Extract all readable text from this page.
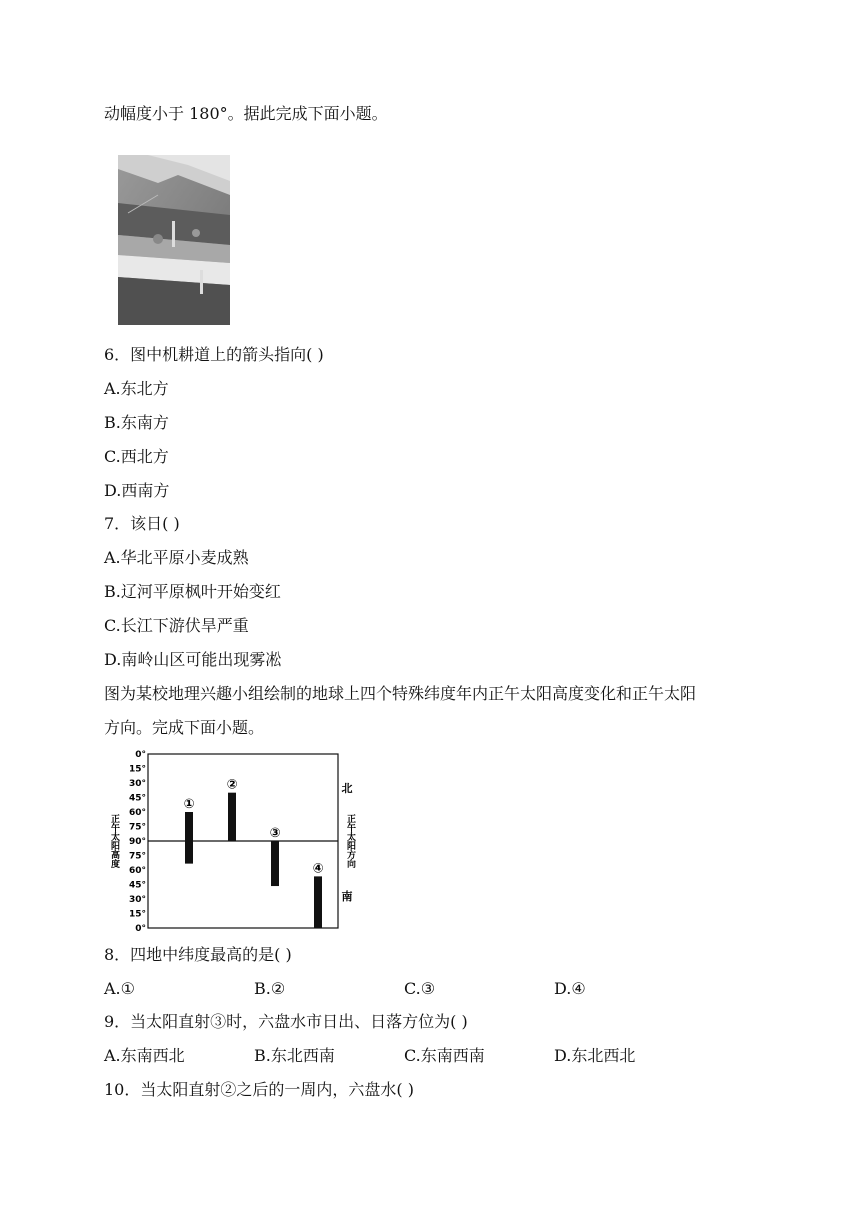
动幅度小于 180°。据此完成下面小题。
6．图中机耕道上的箭头指向( )
A.东北方
B.东南方
C.西北方
D.西南方
7．该日( )
A.华北平原小麦成熟
B.辽河平原枫叶开始变红
C.长江下游伏旱严重
D.南岭山区可能出现雾凇
图为某校地理兴趣小组绘制的地球上四个特殊纬度年内正午太阳高度变化和正午太阳
方向。完成下面小题。
0°
15°
30°
45°
60°
75°
90°
75°
60°
45°
30°
15°
0°
①
②
③
④
正午太阳高度	正午太阳方向
北
南
8．四地中纬度最高的是( )
A.①	B.②	C.③	D.④
9．当太阳直射③时，六盘水市日出、日落方位为( )
A.东南西北	B.东北西南	C.东南西南	D.东北西北
10．当太阳直射②之后的一周内，六盘水( )
